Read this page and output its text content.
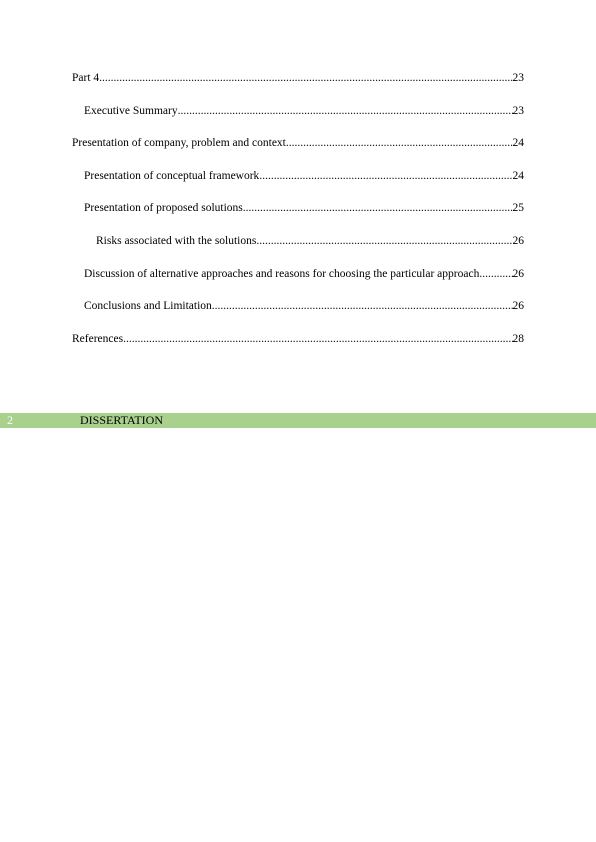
Part 4 .....	23
Executive Summary .....	23
Presentation of company, problem and context .....	24
Presentation of conceptual framework .....	24
Presentation of proposed solutions .....	25
Risks associated with the solutions .....	26
Discussion of alternative approaches and reasons for choosing the particular approach .....	26
Conclusions and Limitation .....	26
References .....	28
2	DISSERTATION
